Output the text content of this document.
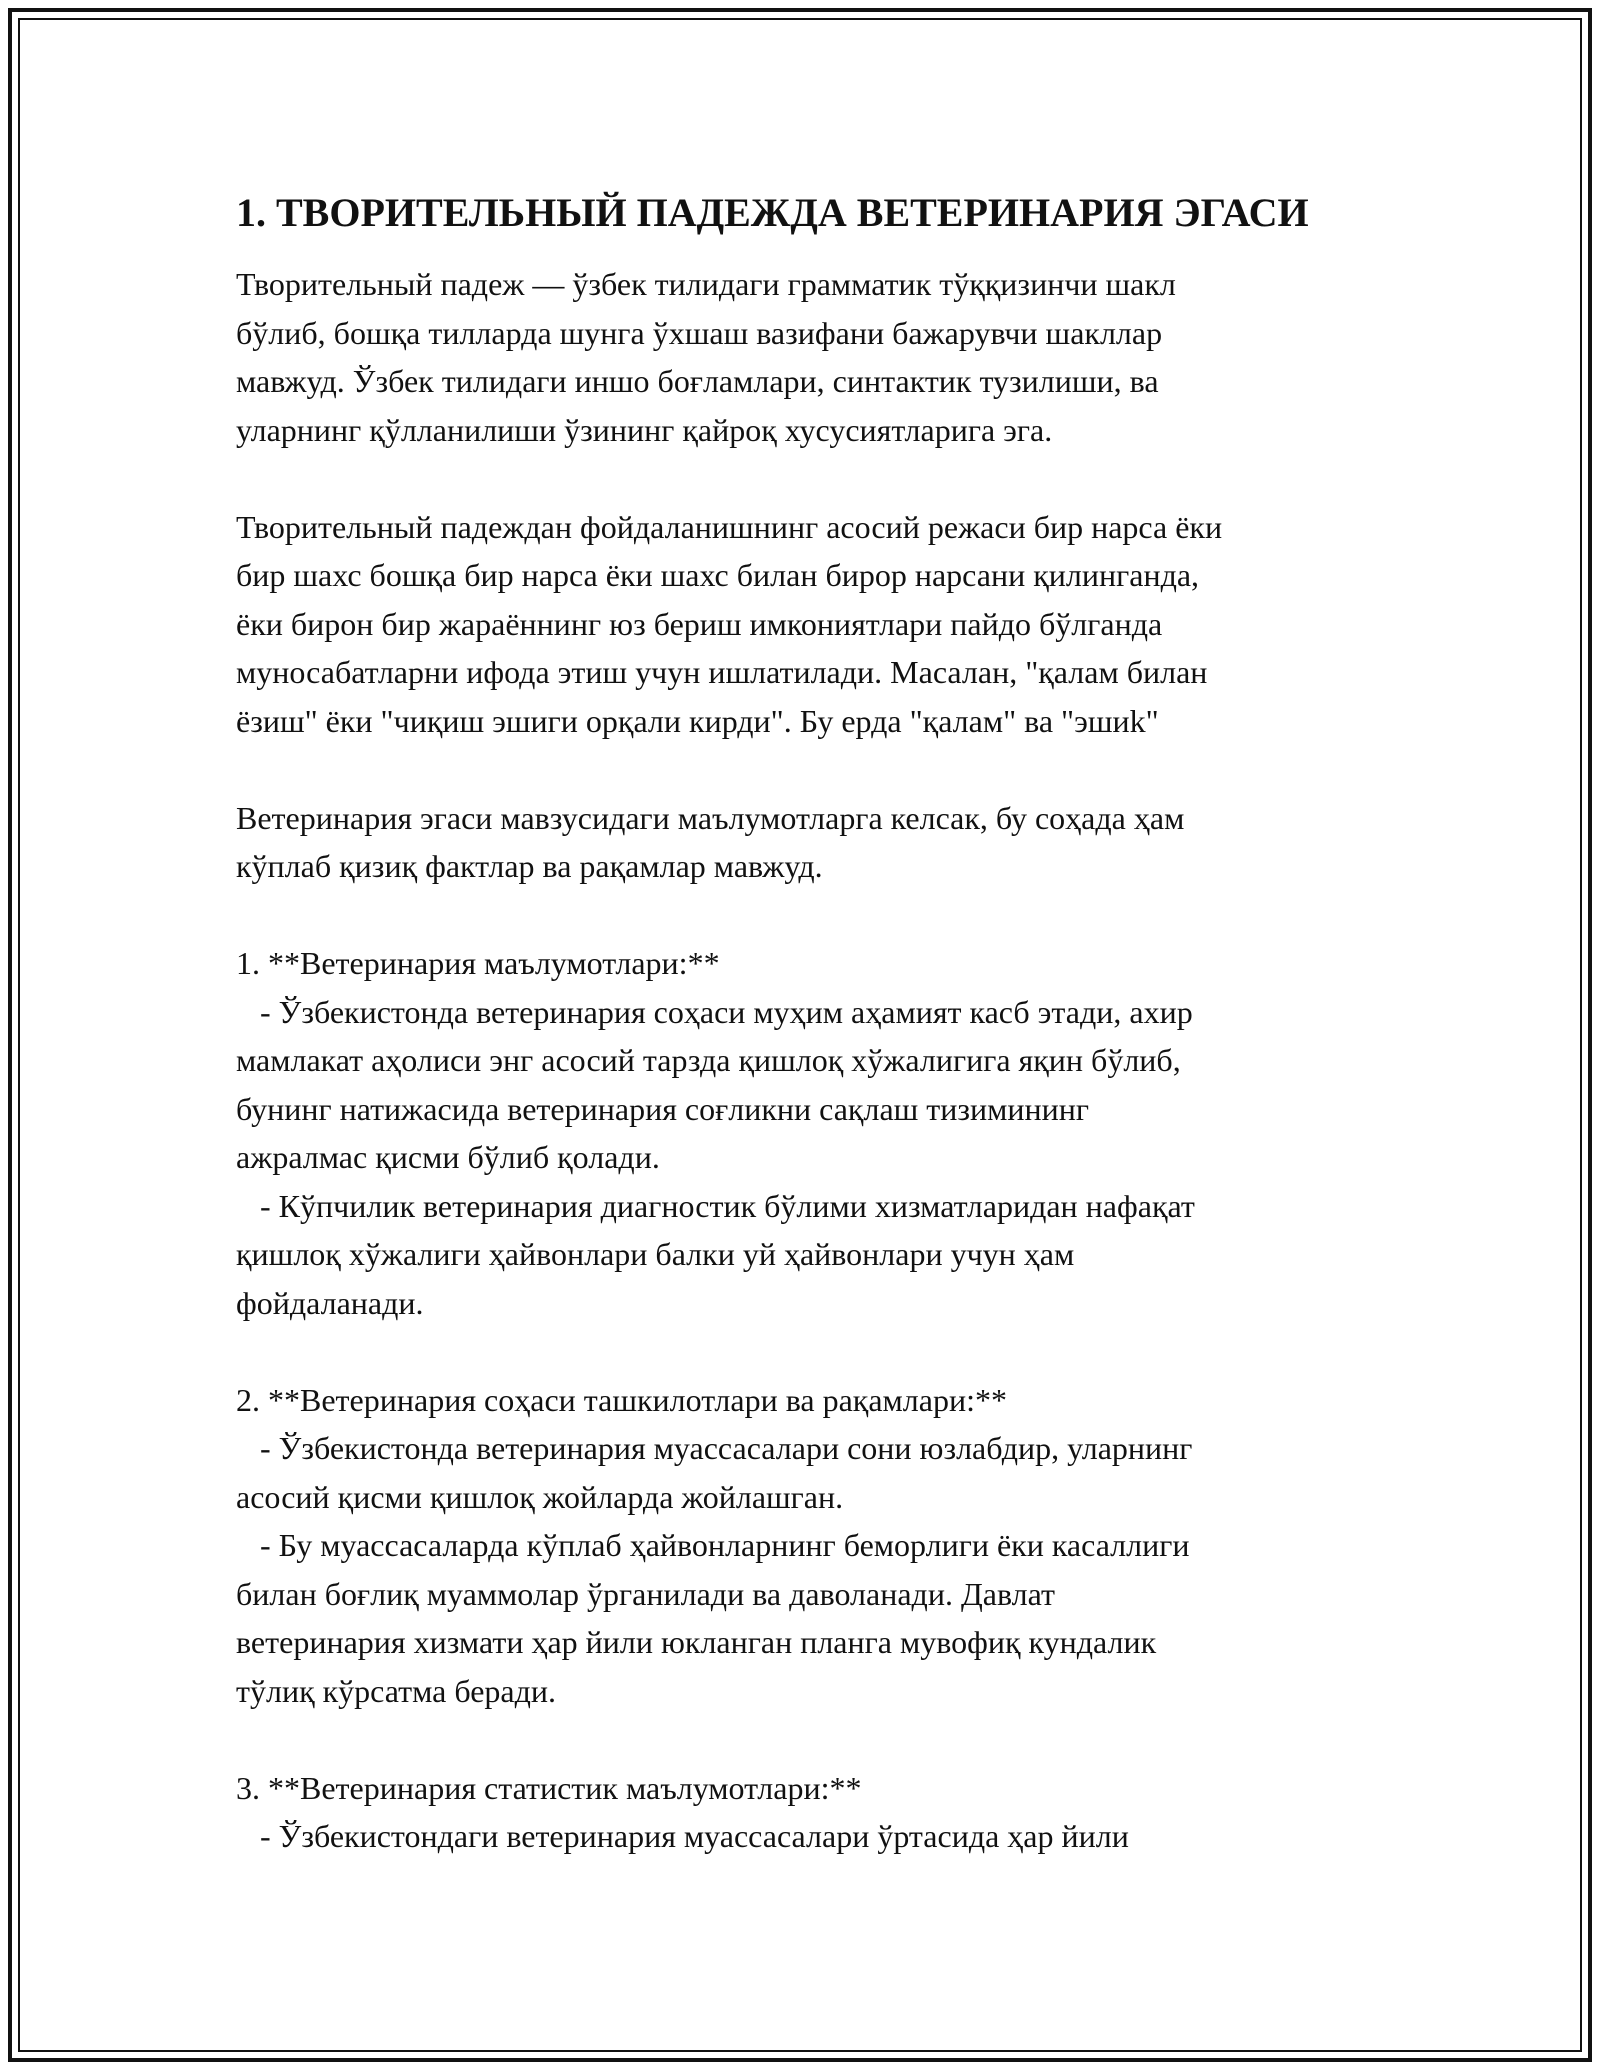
1. ТВОРИТЕЛЬНЫЙ ПАДЕЖДА ВЕТЕРИНАРИЯ ЭГАСИ
Творительный падеж — ўзбек тилидаги грамматик тўққизинчи шакл
бўлиб, бошқа тилларда шунга ўхшаш вазифани бажарувчи шакллар
мавжуд. Ўзбек тилидаги иншо боғламлари, синтактик тузилиши, ва
уларнинг қўлланилиши ўзининг қайроқ хусусиятларига эга.
Творительный падеждан фойдаланишнинг асосий режаси бир нарса ёки
бир шахс бошқа бир нарса ёки шахс билан бирор нарсани қилинганда,
ёки бирон бир жараённинг юз бериш имкониятлари пайдо бўлганда
муносабатларни ифода этиш учун ишлатилади. Масалан, "қалам билан
ёзиш" ёки "чиқиш эшиги орқали кирди". Бу ерда "қалам" ва "эшиk"
Ветеринария эгаси мавзусидаги маълумотларга келсак, бу соҳада ҳам
кўплаб қизиқ фактлар ва рақамлар мавжуд.
1. **Ветеринария маълумотлари:**
- Ўзбекистонда ветеринария соҳаси муҳим аҳамият касб этади, ахир
мамлакат аҳолиси энг асосий тарзда қишлоқ хўжалигига яқин бўлиб,
бунинг натижасида ветеринария соғликни сақлаш тизимининг
ажралмас қисми бўлиб қолади.
- Кўпчилик ветеринария диагностик бўлими хизматларидан нафақат
қишлоқ хўжалиги ҳайвонлари балки уй ҳайвонлари учун ҳам
фойдаланади.
2. **Ветеринария соҳаси ташкилотлари ва рақамлари:**
- Ўзбекистонда ветеринария муассасалари сони юзлабдир, уларнинг
асосий қисми қишлоқ жойларда жойлашган.
- Бу муассасаларда кўплаб ҳайвонларнинг беморлиги ёки касаллиги
билан боғлиқ муаммолар ўрганилади ва даволанади. Давлат
ветеринария хизмати ҳар йили юкланган планга мувофиқ кундалик
тўлиқ кўрсатма беради.
3. **Ветеринария статистик маълумотлари:**
- Ўзбекистондаги ветеринария муассасалари ўртасида ҳар йили
